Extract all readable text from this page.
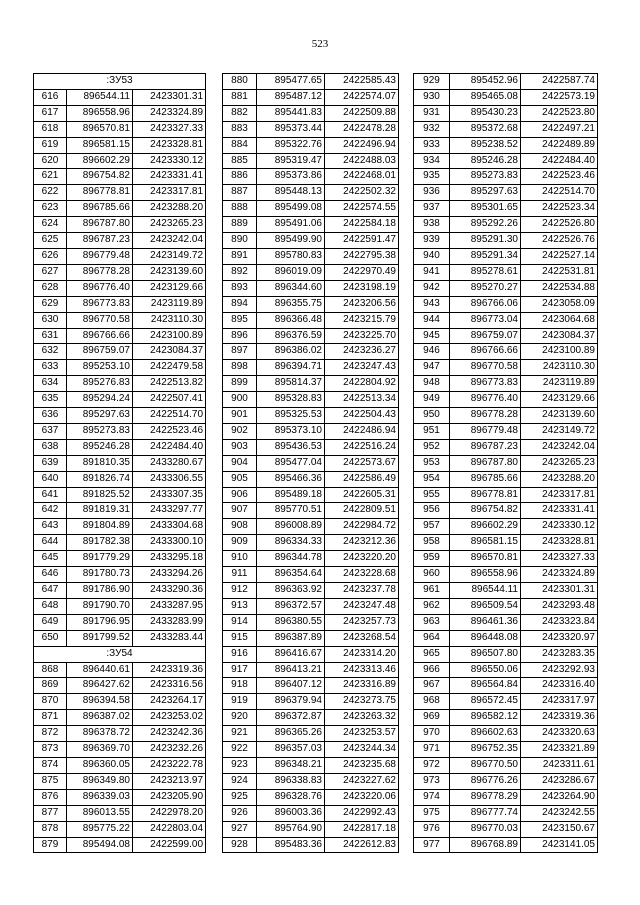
523
:ЗУ53		
616	896544.11	2423301.31
617	896558.96	2423324.89
618	896570.81	2423327.33
619	896581.15	2423328.81
620	896602.29	2423330.12
621	896754.82	2423331.41
622	896778.81	2423317.81
623	896785.66	2423288.20
624	896787.80	2423265.23
625	896787.23	2423242.04
626	896779.48	2423149.72
627	896778.28	2423139.60
628	896776.40	2423129.66
629	896773.83	2423119.89
630	896770.58	2423110.30
631	896766.66	2423100.89
632	896759.07	2423084.37
633	895253.10	2422479.58
634	895276.83	2422513.82
635	895294.24	2422507.41
636	895297.63	2422514.70
637	895273.83	2422523.46
638	895246.28	2422484.40
639	891810.35	2433280.67
640	891826.74	2433306.55
641	891825.52	2433307.35
642	891819.31	2433297.77
643	891804.89	2433304.68
644	891782.38	2433300.10
645	891779.29	2433295.18
646	891780.73	2433294.26
647	891786.90	2433290.36
648	891790.70	2433287.95
649	891796.95	2433283.99
650	891799.52	2433283.44
:ЗУ54		
868	896440.61	2423319.36
869	896427.62	2423316.56
870	896394.58	2423264.17
871	896387.02	2423253.02
872	896378.72	2423242.36
873	896369.70	2423232.26
874	896360.05	2423222.78
875	896349.80	2423213.97
876	896339.03	2423205.90
877	896013.55	2422978.20
878	895775.22	2422803.04
879	895494.08	2422599.00
880	895477.65	2422585.43
881	895487.12	2422574.07
882	895441.83	2422509.88
883	895373.44	2422478.28
884	895322.76	2422496.94
885	895319.47	2422488.03
886	895373.86	2422468.01
887	895448.13	2422502.32
888	895499.08	2422574.55
889	895491.06	2422584.18
890	895499.90	2422591.47
891	895780.83	2422795.38
892	896019.09	2422970.49
893	896344.60	2423198.19
894	896355.75	2423206.56
895	896366.48	2423215.79
896	896376.59	2423225.70
897	896386.02	2423236.27
898	896394.71	2423247.43
899	895814.37	2422804.92
900	895328.83	2422513.34
901	895325.53	2422504.43
902	895373.10	2422486.94
903	895436.53	2422516.24
904	895477.04	2422573.67
905	895466.36	2422586.49
906	895489.18	2422605.31
907	895770.51	2422809.51
908	896008.89	2422984.72
909	896334.33	2423212.36
910	896344.78	2423220.20
911	896354.64	2423228.68
912	896363.92	2423237.78
913	896372.57	2423247.48
914	896380.55	2423257.73
915	896387.89	2423268.54
916	896416.67	2423314.20
917	896413.21	2423313.46
918	896407.12	2423316.89
919	896379.94	2423273.75
920	896372.87	2423263.32
921	896365.26	2423253.57
922	896357.03	2423244.34
923	896348.21	2423235.68
924	896338.83	2423227.62
925	896328.76	2423220.06
926	896003.36	2422992.43
927	895764.90	2422817.18
928	895483.36	2422612.83
929	895452.96	2422587.74
930	895465.08	2422573.19
931	895430.23	2422523.80
932	895372.68	2422497.21
933	895238.52	2422489.89
934	895246.28	2422484.40
935	895273.83	2422523.46
936	895297.63	2422514.70
937	895301.65	2422523.34
938	895292.26	2422526.80
939	895291.30	2422526.76
940	895291.34	2422527.14
941	895278.61	2422531.81
942	895270.27	2422534.88
943	896766.06	2423058.09
944	896773.04	2423064.68
945	896759.07	2423084.37
946	896766.66	2423100.89
947	896770.58	2423110.30
948	896773.83	2423119.89
949	896776.40	2423129.66
950	896778.28	2423139.60
951	896779.48	2423149.72
952	896787.23	2423242.04
953	896787.80	2423265.23
954	896785.66	2423288.20
955	896778.81	2423317.81
956	896754.82	2423331.41
957	896602.29	2423330.12
958	896581.15	2423328.81
959	896570.81	2423327.33
960	896558.96	2423324.89
961	896544.11	2423301.31
962	896509.54	2423293.48
963	896461.36	2423323.84
964	896448.08	2423320.97
965	896507.80	2423283.35
966	896550.06	2423292.93
967	896564.84	2423316.40
968	896572.45	2423317.97
969	896582.12	2423319.36
970	896602.63	2423320.63
971	896752.35	2423321.89
972	896770.50	2423311.61
973	896776.26	2423286.67
974	896778.29	2423264.90
975	896777.74	2423242.55
976	896770.03	2423150.67
977	896768.89	2423141.05
